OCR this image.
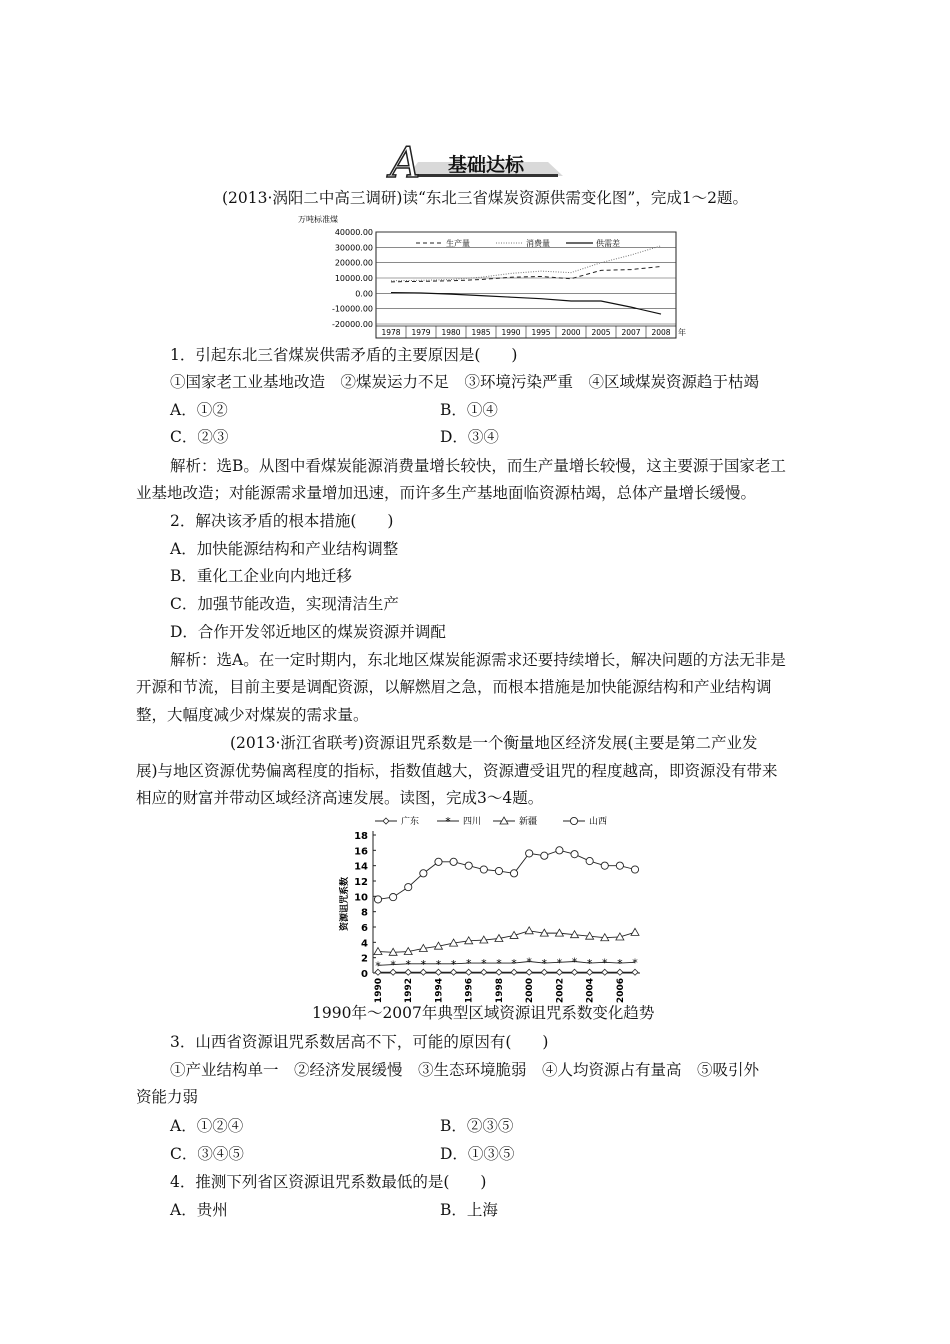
A 基础达标
(2013·涡阳二中高三调研)读“东北三省煤炭资源供需变化图”，完成1～2题。
万吨标准煤
40000.00
30000.00
20000.00
10000.00
0.00
-10000.00
-20000.00
1978 1979 1980 1985 1990 1995 2000 2005 2007 2008 年
生产量	消费量	供需差
1．引起东北三省煤炭供需矛盾的主要原因是(　　)
①国家老工业基地改造　②煤炭运力不足　③环境污染严重　④区域煤炭资源趋于枯竭
A．①②	B．①④
C．②③	D．③④
解析：选B。从图中看煤炭能源消费量增长较快，而生产量增长较慢，这主要源于国家老工
业基地改造；对能源需求量增加迅速，而许多生产基地面临资源枯竭，总体产量增长缓慢。
2．解决该矛盾的根本措施(　　)
A．加快能源结构和产业结构调整
B．重化工企业向内地迁移
C．加强节能改造，实现清洁生产
D．合作开发邻近地区的煤炭资源并调配
解析：选A。在一定时期内，东北地区煤炭能源需求还要持续增长，解决问题的方法无非是
开源和节流，目前主要是调配资源，以解燃眉之急，而根本措施是加快能源结构和产业结构调
整，大幅度减少对煤炭的需求量。
(2013·浙江省联考)资源诅咒系数是一个衡量地区经济发展(主要是第二产业发
展)与地区资源优势偏离程度的指标，指数值越大，资源遭受诅咒的程度越高，即资源没有带来
相应的财富并带动区域经济高速发展。读图，完成3～4题。
18
16
14
12
10
8
6
4
2
0
资源诅咒系数
1990 1992 1994 1996 1998 2000 2002 2004 2006
广东 * 四川	新疆	山西
* * * * * * * * * * * * * * * * * *
1990年～2007年典型区域资源诅咒系数变化趋势
3．山西省资源诅咒系数居高不下，可能的原因有(　　)
①产业结构单一　②经济发展缓慢　③生态环境脆弱　④人均资源占有量高　⑤吸引外
资能力弱
A．①②④	B．②③⑤
C．③④⑤	D．①③⑤
4．推测下列省区资源诅咒系数最低的是(　　)
A．贵州	B．上海
